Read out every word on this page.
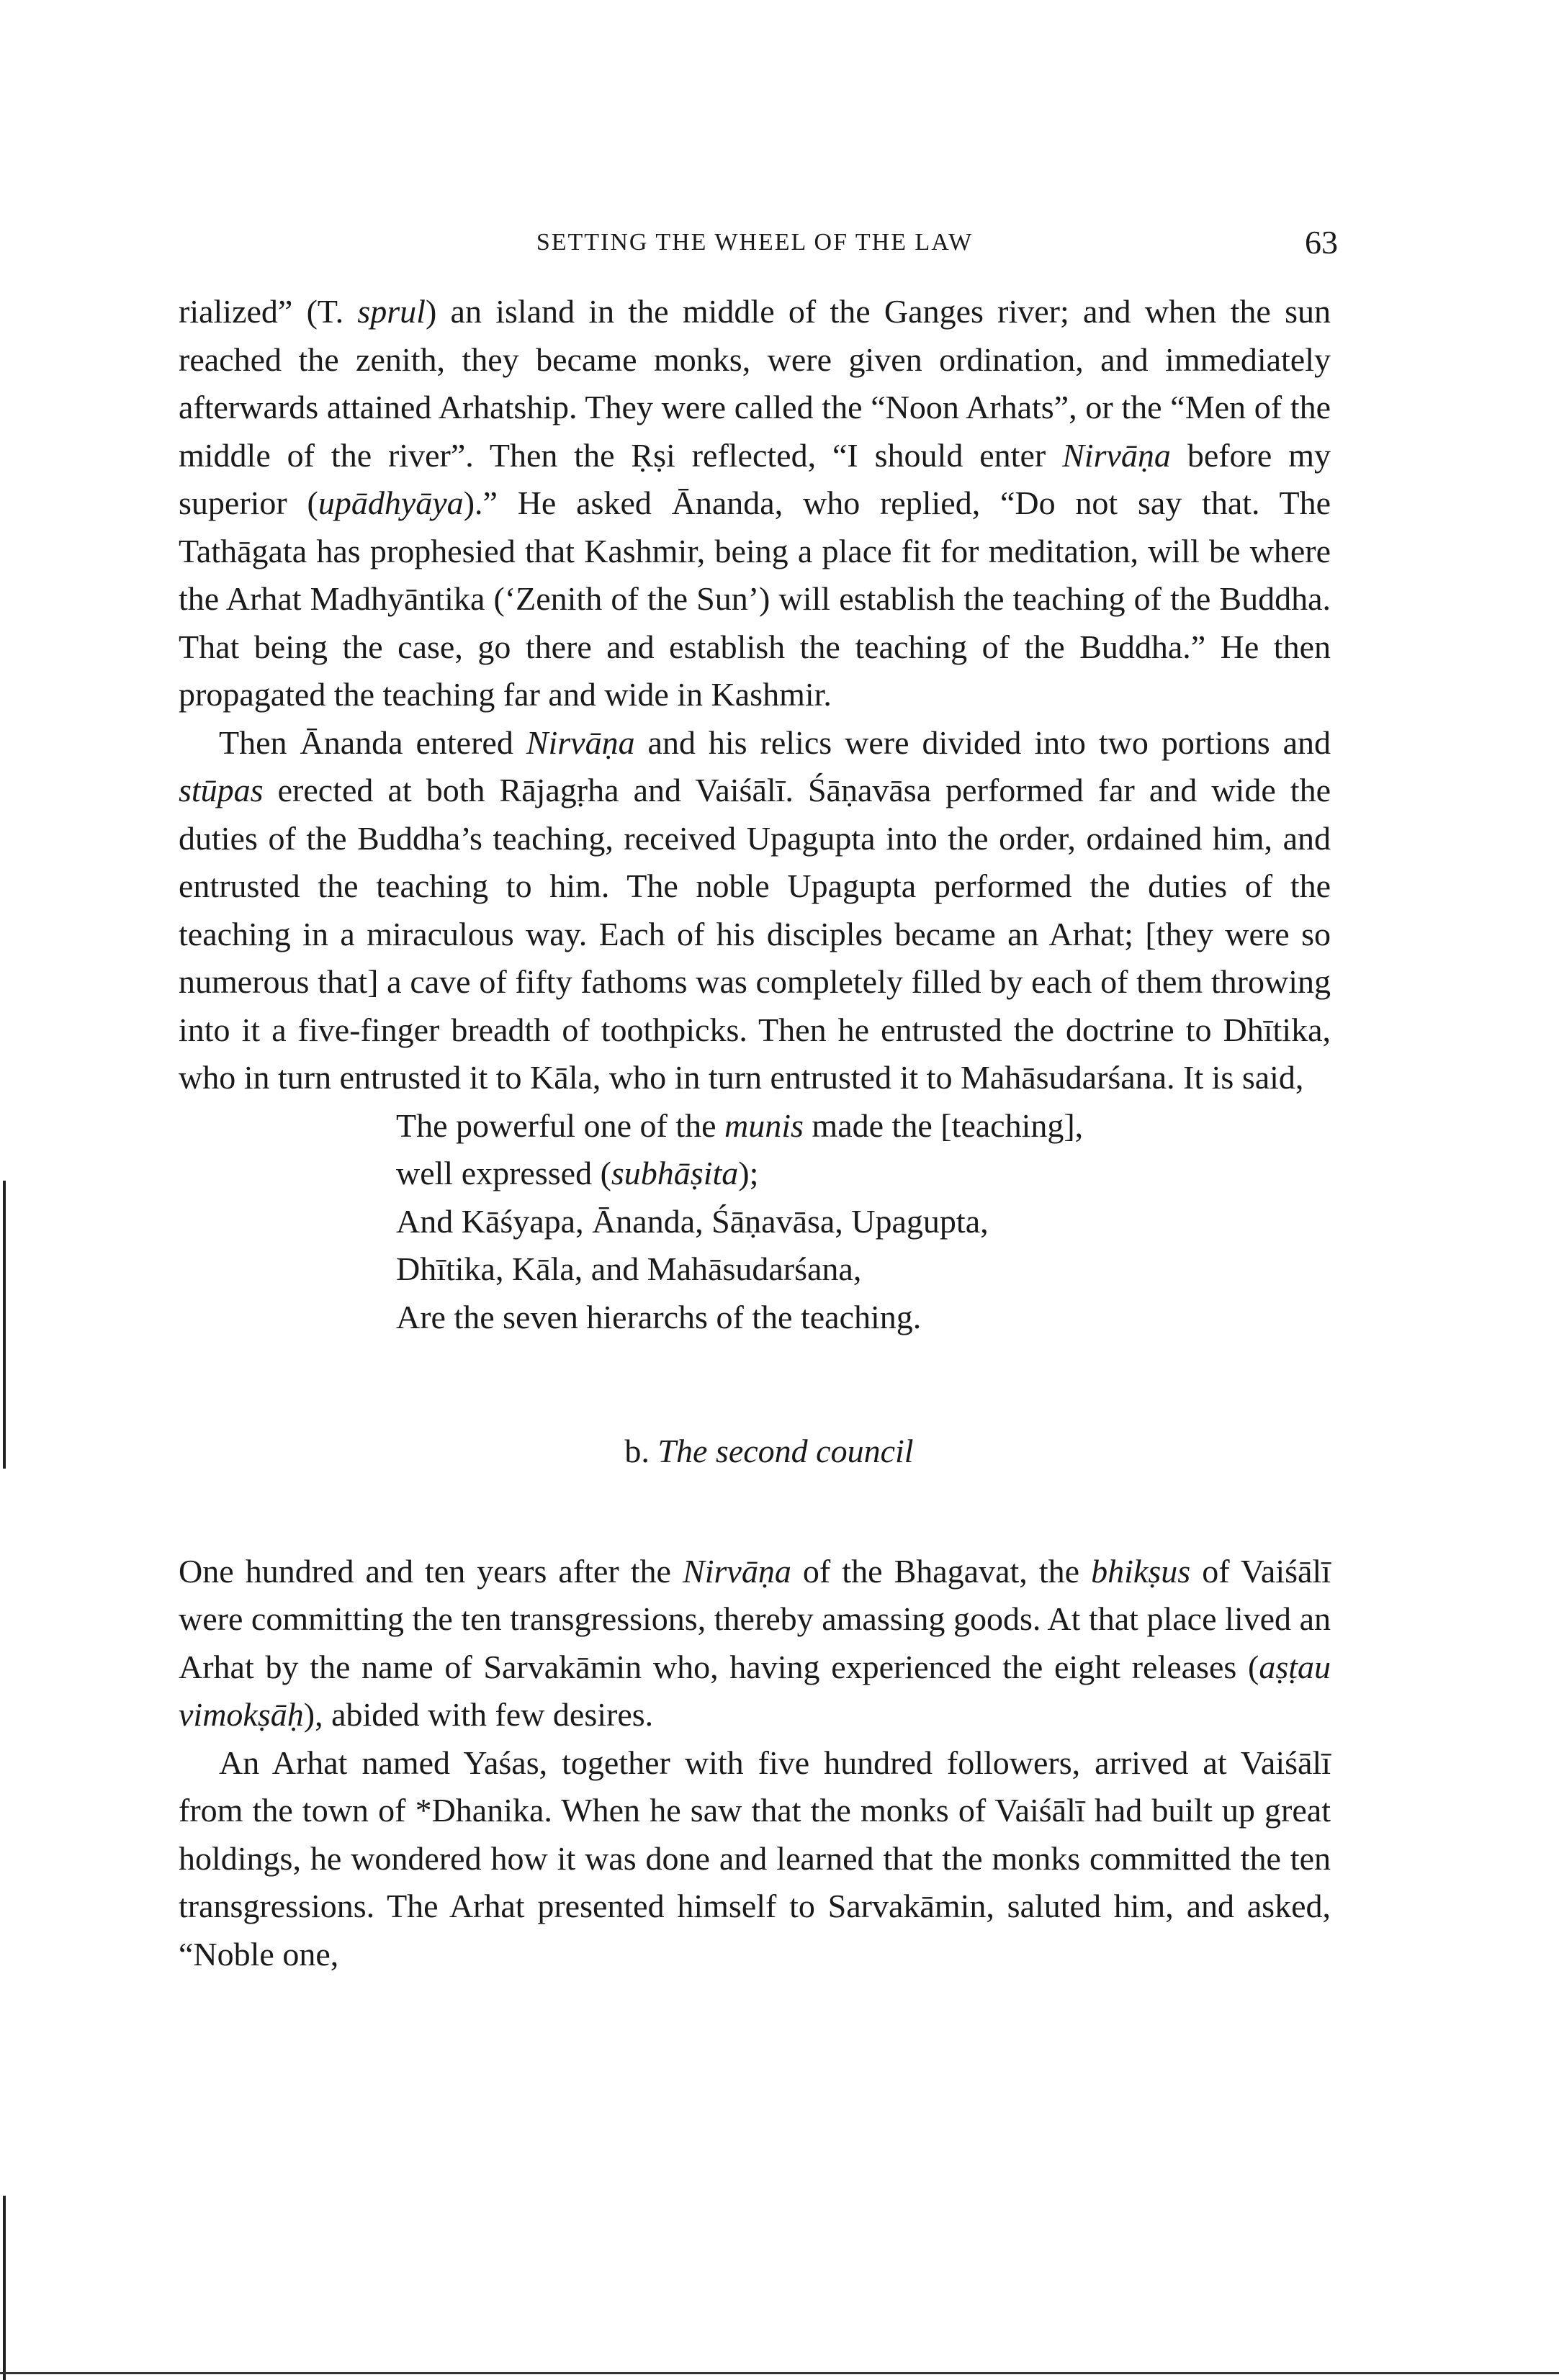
SETTING THE WHEEL OF THE LAW	63

rialized” (T. sprul) an island in the middle of the Ganges river; and when the sun reached the zenith, they became monks, were given ordination, and immediately afterwards attained Arhatship. They were called the “Noon Arhats”, or the “Men of the middle of the river”. Then the Ṛṣi reflected, “I should enter Nirvāṇa before my superior (upādhyāya).” He asked Ānanda, who replied, “Do not say that. The Tathāgata has prophesied that Kashmir, being a place fit for meditation, will be where the Arhat Madhyāntika (‘Zenith of the Sun’) will establish the teaching of the Buddha. That being the case, go there and establish the teaching of the Buddha.” He then propagated the teaching far and wide in Kashmir.

Then Ānanda entered Nirvāṇa and his relics were divided into two portions and stūpas erected at both Rājagṛha and Vaiśālī. Śāṇavāsa performed far and wide the duties of the Buddha’s teaching, received Upagupta into the order, ordained him, and entrusted the teaching to him. The noble Upagupta performed the duties of the teaching in a miraculous way. Each of his disciples became an Arhat; [they were so numerous that] a cave of fifty fathoms was completely filled by each of them throwing into it a five-finger breadth of toothpicks. Then he entrusted the doctrine to Dhītika, who in turn entrusted it to Kāla, who in turn entrusted it to Mahāsudarśana. It is said,

The powerful one of the munis made the [teaching],
well expressed (subhāṣita);
And Kāśyapa, Ānanda, Śāṇavāsa, Upagupta,
Dhītika, Kāla, and Mahāsudarśana,
Are the seven hierarchs of the teaching.
b. The second council

One hundred and ten years after the Nirvāṇa of the Bhagavat, the bhikṣus of Vaiśālī were committing the ten transgressions, thereby amassing goods. At that place lived an Arhat by the name of Sarvakāmin who, having experienced the eight releases (aṣṭau vimokṣāḥ), abided with few desires.

An Arhat named Yaśas, together with five hundred followers, arrived at Vaiśālī from the town of *Dhanika. When he saw that the monks of Vaiśālī had built up great holdings, he wondered how it was done and learned that the monks committed the ten transgressions. The Arhat presented himself to Sarvakāmin, saluted him, and asked, “Noble one,
